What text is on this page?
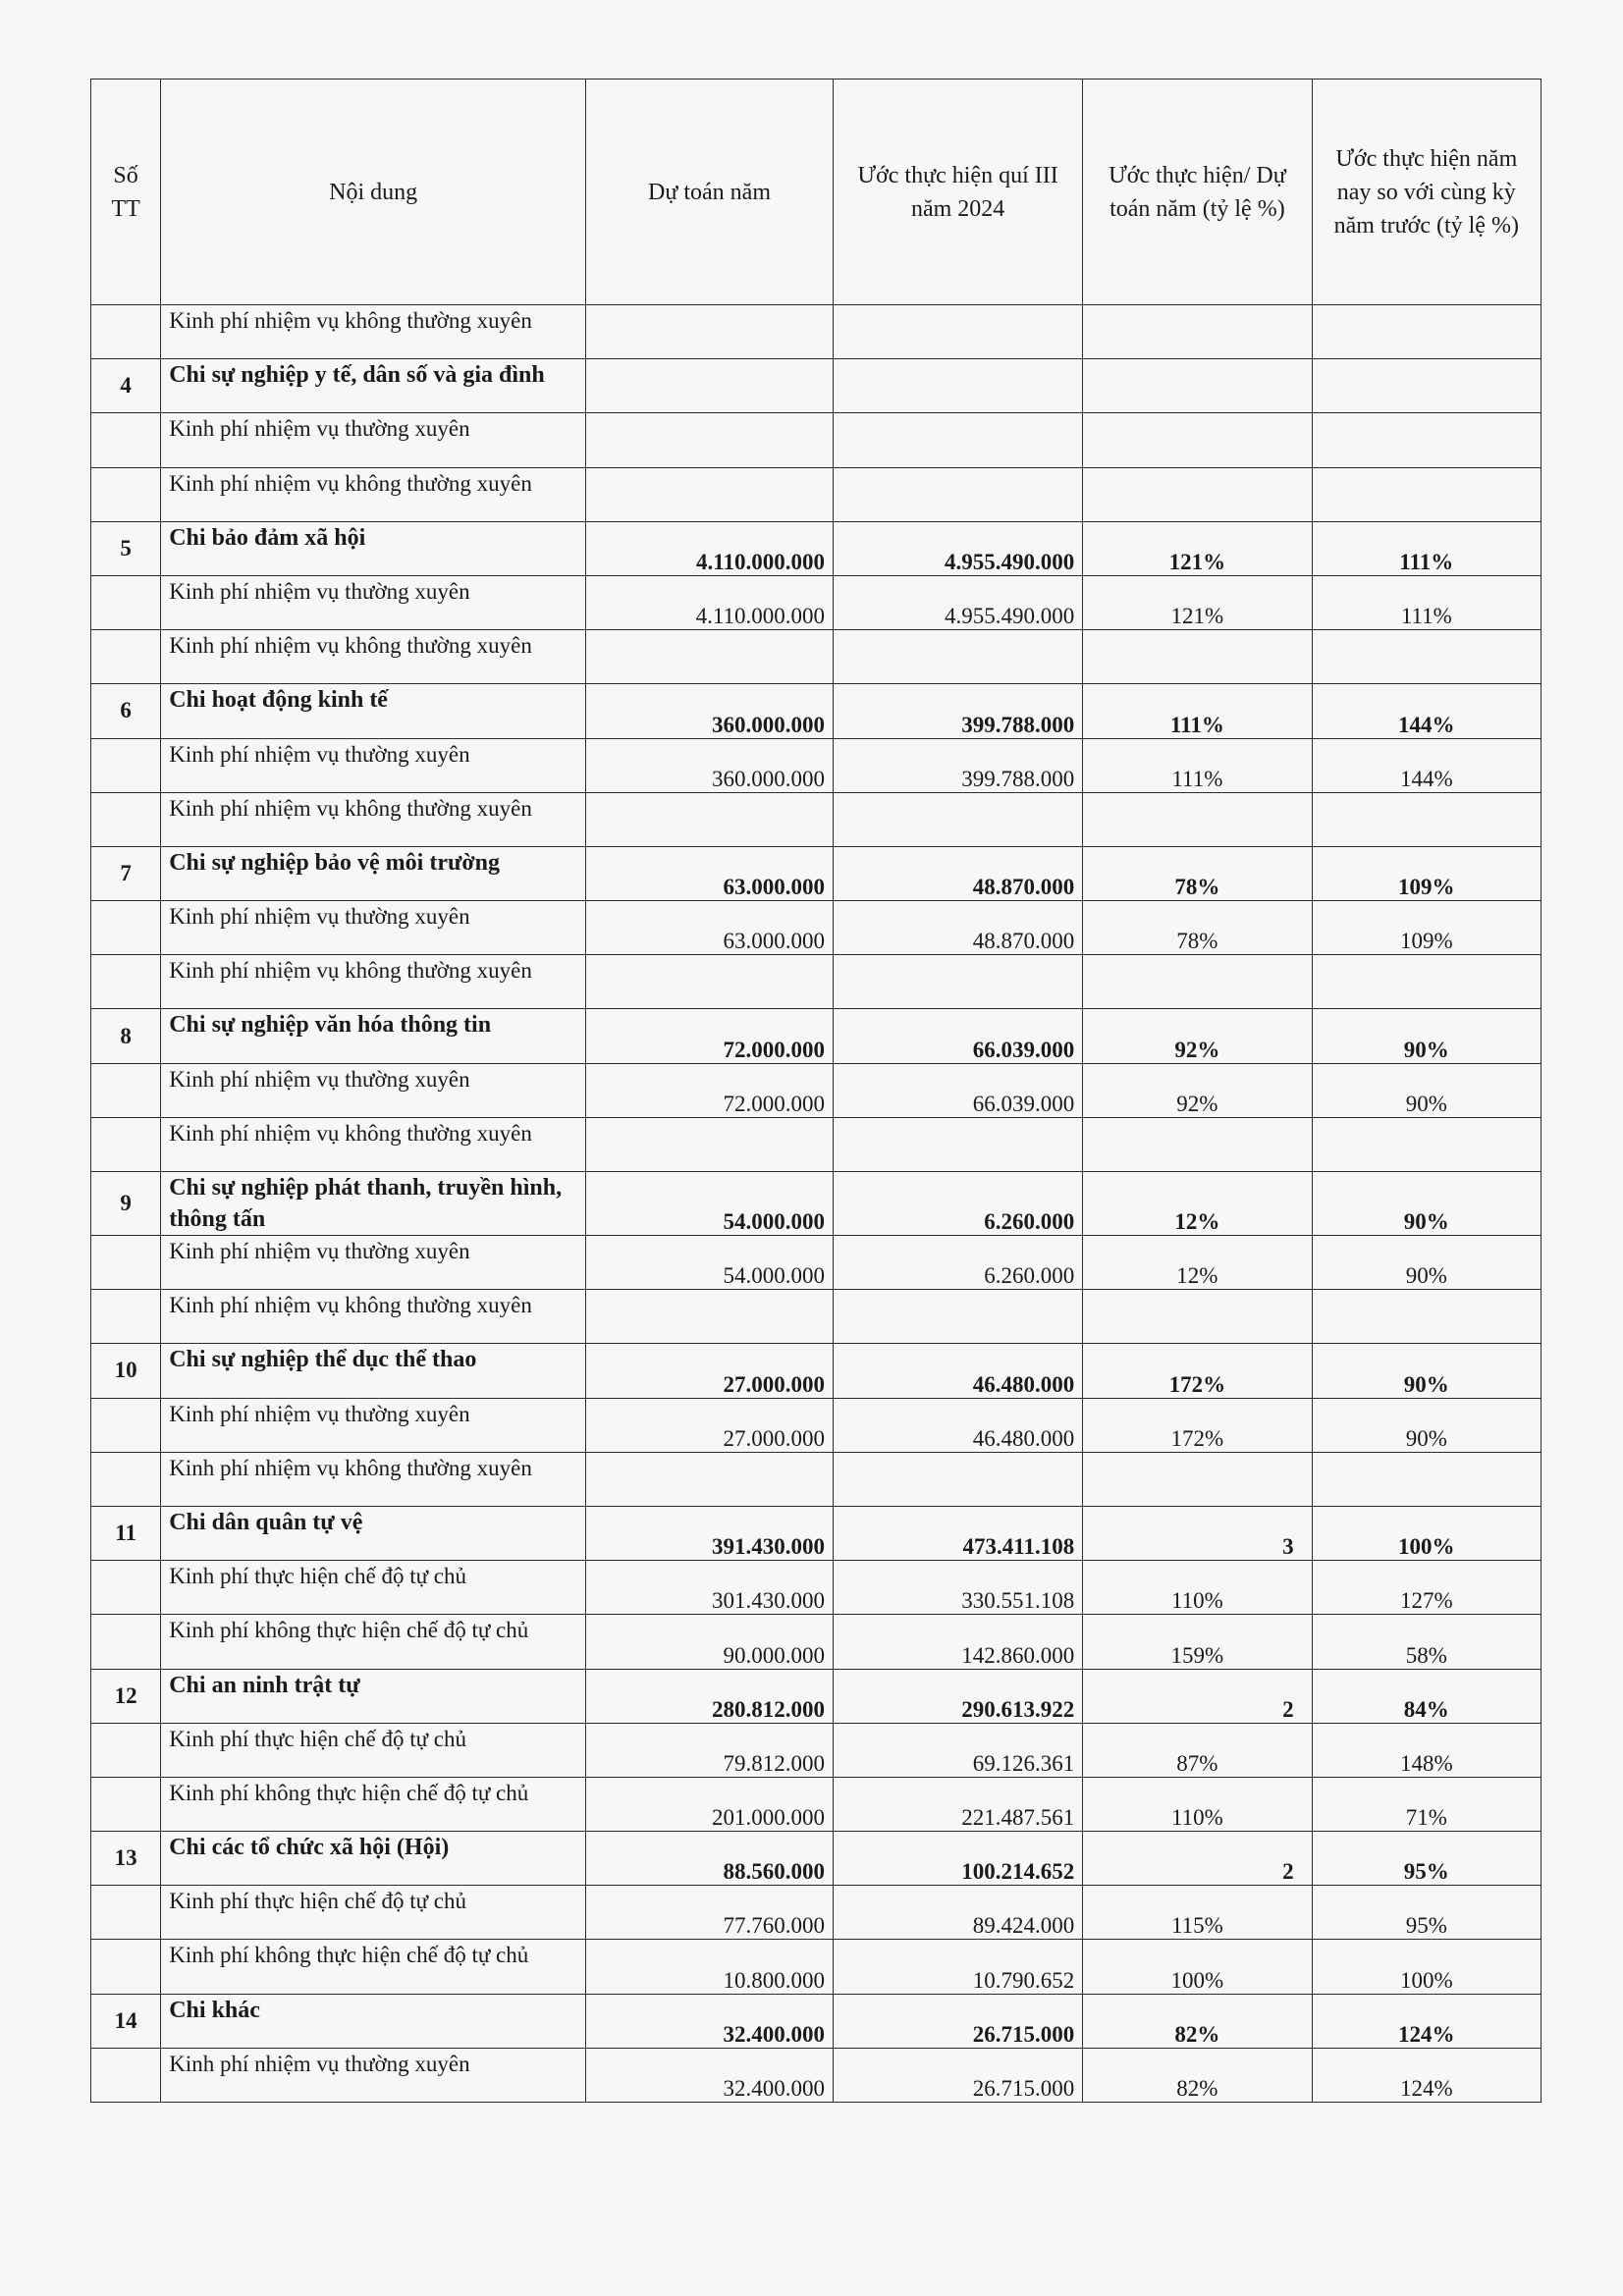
Số TT	Nội dung	Dự toán năm	Ước thực hiện quí III năm 2024	Ước thực hiện/ Dự toán năm (tỷ lệ %)	Ước thực hiện năm nay so với cùng kỳ năm trước (tỷ lệ %)
	Kinh phí nhiệm vụ không thường xuyên				
4	Chi sự nghiệp y tế, dân số và gia đình				
	Kinh phí nhiệm vụ thường xuyên				
	Kinh phí nhiệm vụ không thường xuyên				
5	Chi bảo đảm xã hội	4.110.000.000	4.955.490.000	121%	111%
	Kinh phí nhiệm vụ thường xuyên	4.110.000.000	4.955.490.000	121%	111%
	Kinh phí nhiệm vụ không thường xuyên				
6	Chi hoạt động kinh tế	360.000.000	399.788.000	111%	144%
	Kinh phí nhiệm vụ thường xuyên	360.000.000	399.788.000	111%	144%
	Kinh phí nhiệm vụ không thường xuyên				
7	Chi sự nghiệp bảo vệ môi trường	63.000.000	48.870.000	78%	109%
	Kinh phí nhiệm vụ thường xuyên	63.000.000	48.870.000	78%	109%
	Kinh phí nhiệm vụ không thường xuyên				
8	Chi sự nghiệp văn hóa thông tin	72.000.000	66.039.000	92%	90%
	Kinh phí nhiệm vụ thường xuyên	72.000.000	66.039.000	92%	90%
	Kinh phí nhiệm vụ không thường xuyên				
9	Chi sự nghiệp phát thanh, truyền hình, thông tấn	54.000.000	6.260.000	12%	90%
	Kinh phí nhiệm vụ thường xuyên	54.000.000	6.260.000	12%	90%
	Kinh phí nhiệm vụ không thường xuyên				
10	Chi sự nghiệp thể dục thể thao	27.000.000	46.480.000	172%	90%
	Kinh phí nhiệm vụ thường xuyên	27.000.000	46.480.000	172%	90%
	Kinh phí nhiệm vụ không thường xuyên				
11	Chi dân quân tự vệ	391.430.000	473.411.108	3	100%
	Kinh phí thực hiện chế độ tự chủ	301.430.000	330.551.108	110%	127%
	Kinh phí không thực hiện chế độ tự chủ	90.000.000	142.860.000	159%	58%
12	Chi an ninh trật tự	280.812.000	290.613.922	2	84%
	Kinh phí thực hiện chế độ tự chủ	79.812.000	69.126.361	87%	148%
	Kinh phí không thực hiện chế độ tự chủ	201.000.000	221.487.561	110%	71%
13	Chi các tổ chức xã hội (Hội)	88.560.000	100.214.652	2	95%
	Kinh phí thực hiện chế độ tự chủ	77.760.000	89.424.000	115%	95%
	Kinh phí không thực hiện chế độ tự chủ	10.800.000	10.790.652	100%	100%
14	Chi khác	32.400.000	26.715.000	82%	124%
	Kinh phí nhiệm vụ thường xuyên	32.400.000	26.715.000	82%	124%
